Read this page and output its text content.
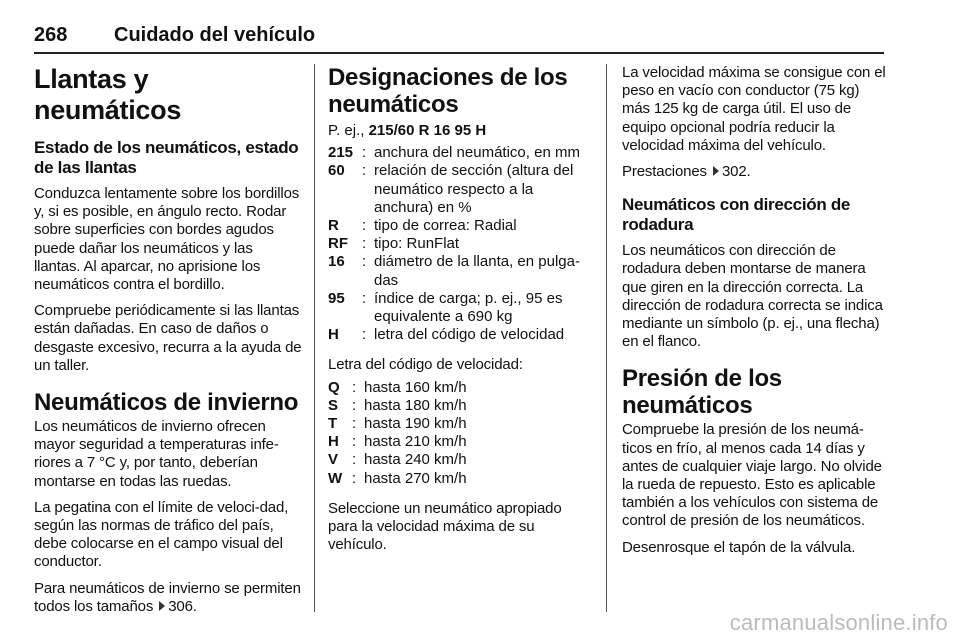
268 Cuidado del vehículo
Llantas y neumáticos
Estado de los neumáticos, estado de las llantas

Conduzca lentamente sobre los bordillos y, si es posible, en ángulo recto. Rodar sobre superficies con bordes agudos puede dañar los neumáticos y las llantas. Al aparcar, no aprisione los neumáticos contra el bordillo.

Compruebe periódicamente si las llantas están dañadas. En caso de daños o desgaste excesivo, recurra a la ayuda de un taller.

Neumáticos de invierno

Los neumáticos de invierno ofrecen mayor seguridad a temperaturas infe-riores a 7 °C y, por tanto, deberían montarse en todas las ruedas.

La pegatina con el límite de veloci-dad, según las normas de tráfico del país, debe colocarse en el campo visual del conductor.

Para neumáticos de invierno se permiten todos los tamaños 306.

Designaciones de los neumáticos
P. ej., 215/60 R 16 95 H
215 : anchura del neumático, en mm
60	: relación de sección (altura del neumático respecto a la anchura) en %
R	: tipo de correa: Radial
RF : tipo: RunFlat
16	: diámetro de la llanta, en pulga-das
95	: índice de carga; p. ej., 95 es equivalente a 690 kg
H	: letra del código de velocidad

Letra del código de velocidad:

Q : hasta 160 km/h
S : hasta 180 km/h
T : hasta 190 km/h
H : hasta 210 km/h
V : hasta 240 km/h
W : hasta 270 km/h

Seleccione un neumático apropiado para la velocidad máxima de su vehículo.

La velocidad máxima se consigue con el peso en vacío con conductor (75 kg) más 125 kg de carga útil. El uso de equipo opcional podría reducir la velocidad máxima del vehículo.

Prestaciones 302.

Neumáticos con dirección de rodadura

Los neumáticos con dirección de rodadura deben montarse de manera que giren en la dirección correcta. La dirección de rodadura correcta se indica mediante un símbolo (p. ej., una flecha) en el flanco.

Presión de los neumáticos

Compruebe la presión de los neumá-ticos en frío, al menos cada 14 días y antes de cualquier viaje largo. No olvide la rueda de repuesto. Esto es aplicable también a los vehículos con sistema de control de presión de los neumáticos.

Desenrosque el tapón de la válvula.

carmanualsonline.info
